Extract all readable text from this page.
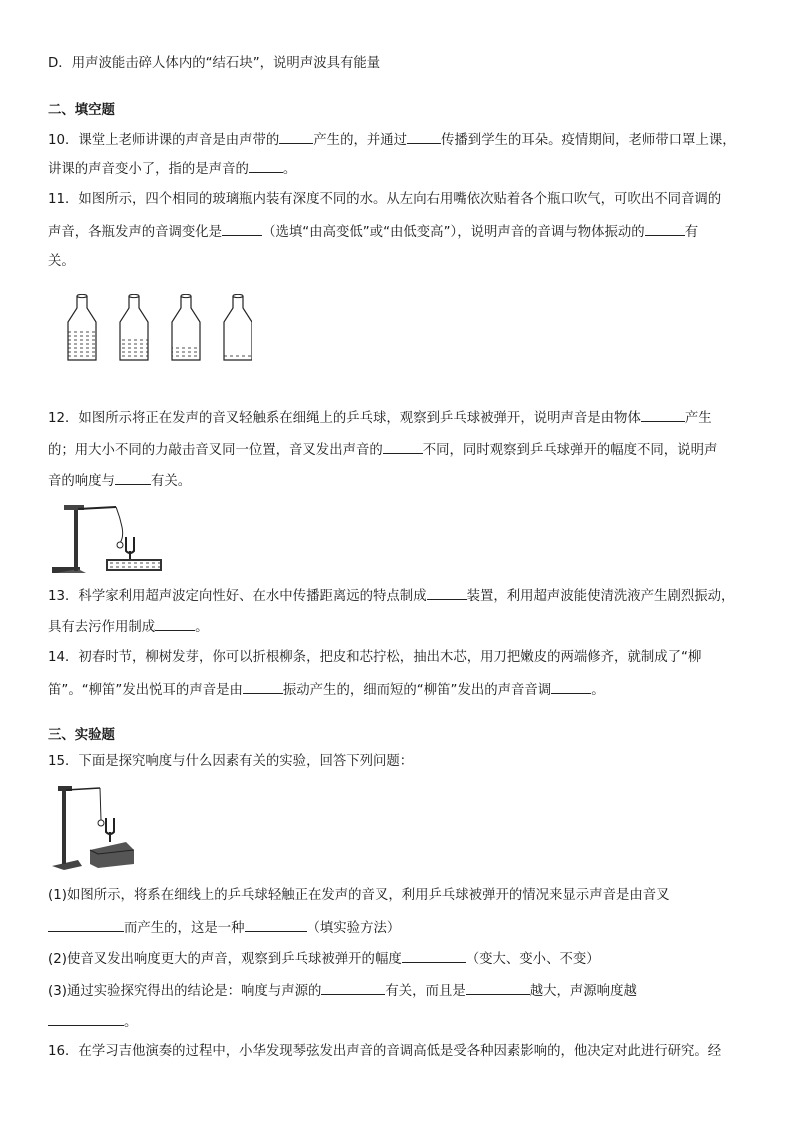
D．用声波能击碎人体内的“结石块”，说明声波具有能量
二、填空题
10．课堂上老师讲课的声音是由声带的	产生的，并通过	传播到学生的耳朵。疫情期间，老师带口罩上课，
讲课的声音变小了，指的是声音的	。
11．如图所示，四个相同的玻璃瓶内装有深度不同的水。从左向右用嘴依次贴着各个瓶口吹气，可吹出不同音调的
声音，各瓶发声的音调变化是	（选填“由高变低”或“由低变高”），说明声音的音调与物体振动的	有
关。
12．如图所示将正在发声的音叉轻触系在细绳上的乒乓球，观察到乒乓球被弹开，说明声音是由物体	产生
的；用大小不同的力敲击音叉同一位置，音叉发出声音的	不同，同时观察到乒乓球弹开的幅度不同，说明声
音的响度与	有关。
13．科学家利用超声波定向性好、在水中传播距离远的特点制成	装置，利用超声波能使清洗液产生剧烈振动，
具有去污作用制成	。
14．初春时节，柳树发芽，你可以折根柳条，把皮和芯拧松，抽出木芯，用刀把嫩皮的两端修齐，就制成了“柳
笛”。“柳笛”发出悦耳的声音是由	振动产生的，细而短的“柳笛”发出的声音音调	。
三、实验题
15．下面是探究响度与什么因素有关的实验，回答下列问题：
(1)如图所示，将系在细线上的乒乓球轻触正在发声的音叉，利用乒乓球被弹开的情况来显示声音是由音叉
而产生的，这是一种	（填实验方法）
(2)使音叉发出响度更大的声音，观察到乒乓球被弹开的幅度	（变大、变小、不变）
(3)通过实验探究得出的结论是：响度与声源的	有关，而且是	越大，声源响度越
。
16．在学习吉他演奏的过程中，小华发现琴弦发出声音的音调高低是受各种因素影响的，他决定对此进行研究。经
